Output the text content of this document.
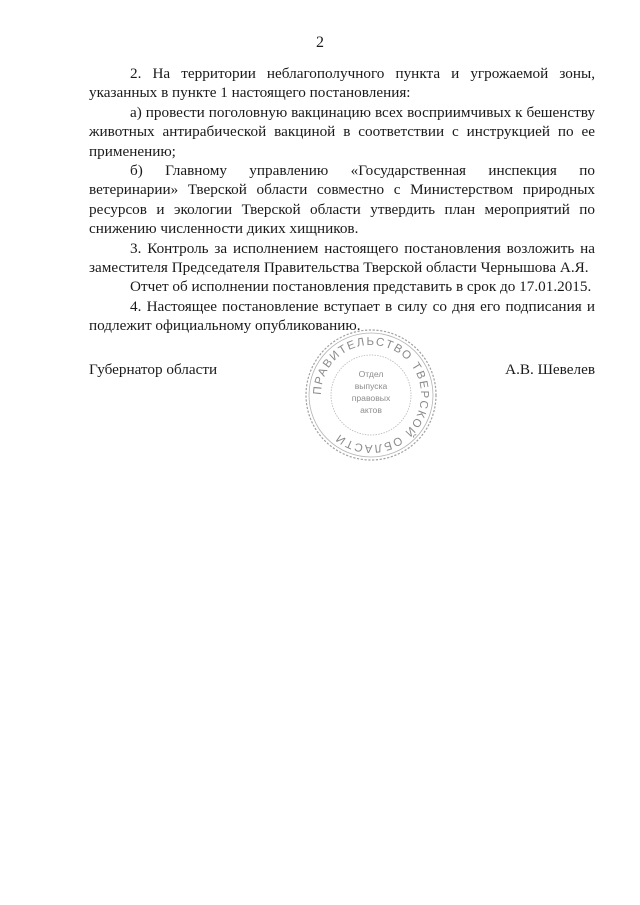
2

2. На территории неблагополучного пункта и угрожаемой зоны, указанных в пункте 1 настоящего постановления:

а) провести поголовную вакцинацию всех восприимчивых к бешенству животных антирабической вакциной в соответствии с инструкцией по ее применению;

б) Главному управлению «Государственная инспекция по ветеринарии» Тверской области совместно с Министерством природных ресурсов и экологии Тверской области утвердить план мероприятий по снижению численности диких хищников.

3. Контроль за исполнением настоящего постановления возложить на заместителя Председателя Правительства Тверской области Чернышова А.Я.

Отчет об исполнении постановления представить в срок до 17.01.2015.

4. Настоящее постановление вступает в силу со дня его подписания и подлежит официальному опубликованию.

Губернатор области	А.В. Шевелев
ПРАВИТЕЛЬСТВО ТВЕРСКОЙ ОБЛАСТИ
Отдел
выпуска
правовых
актов
